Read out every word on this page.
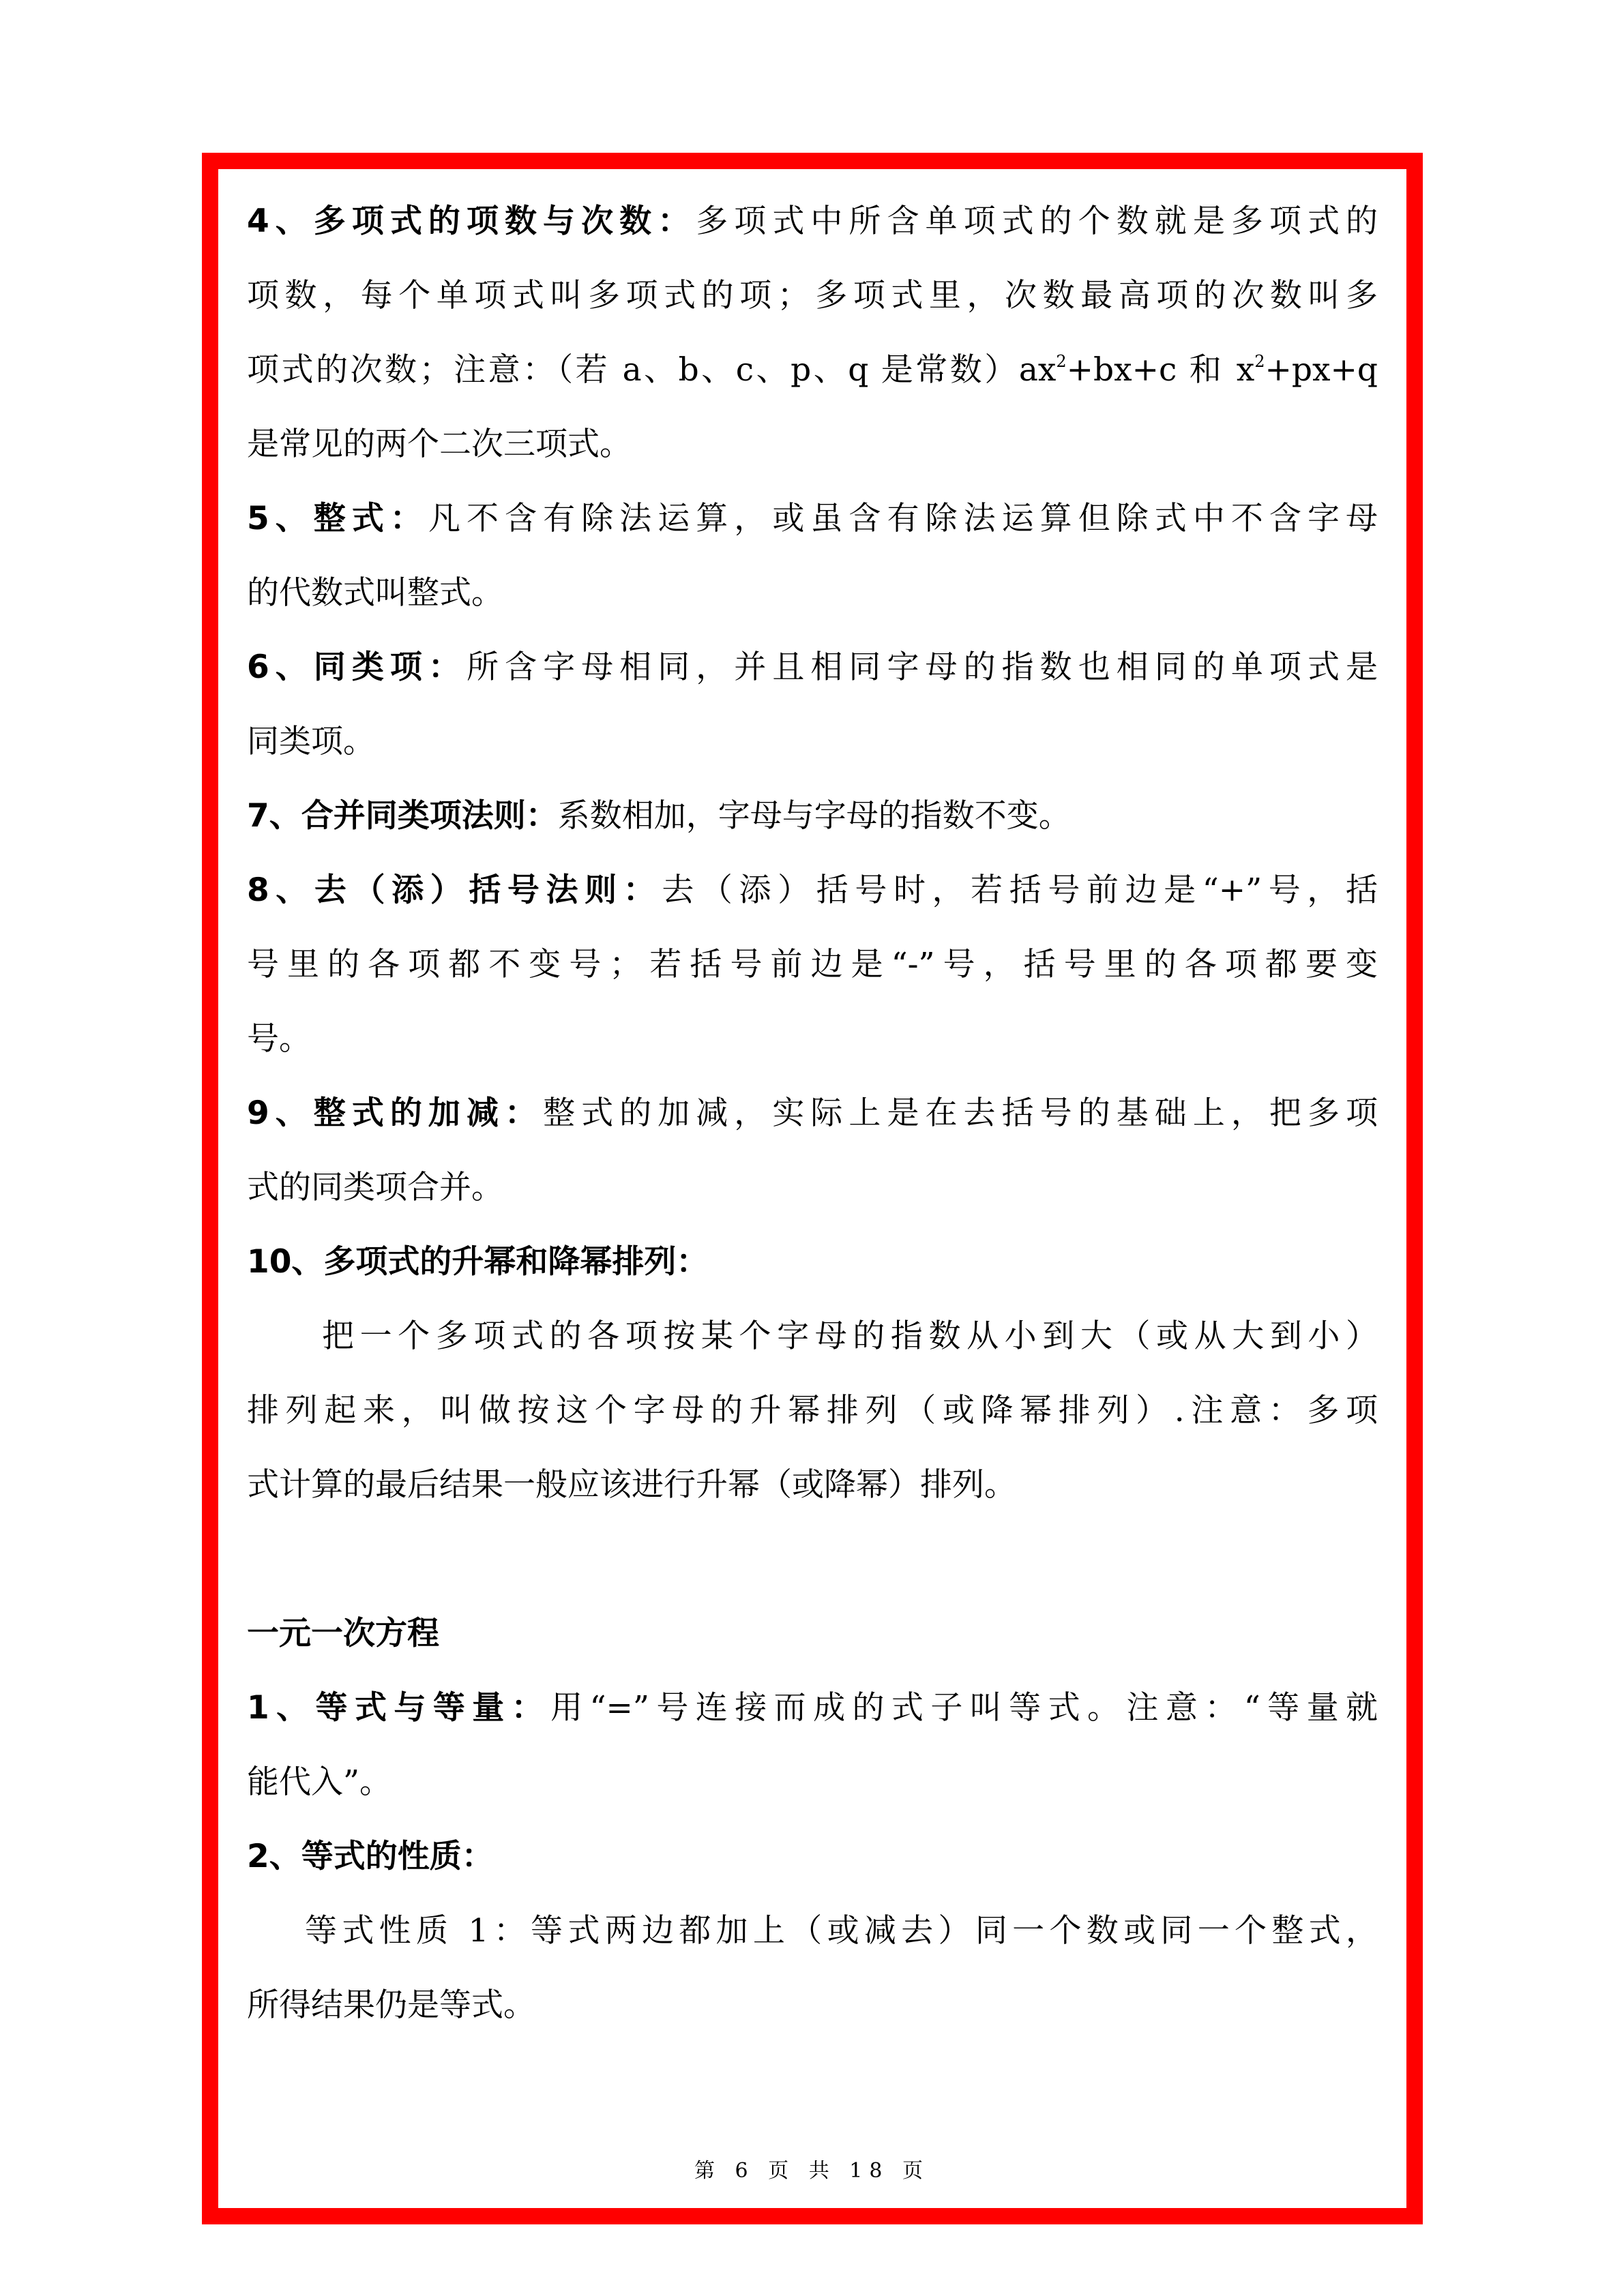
4、多项式的项数与次数：多项式中所含单项式的个数就是多项式的
项数，每个单项式叫多项式的项；多项式里，次数最高项的次数叫多
项式的次数；注意：（若 a、b、c、p、q 是常数）$ax^2+bx+c$ 和 $x^2+px+q$
是常见的两个二次三项式。
5、整式：凡不含有除法运算，或虽含有除法运算但除式中不含字母
的代数式叫整式。
6、同类项：所含字母相同，并且相同字母的指数也相同的单项式是
同类项。
7、合并同类项法则：系数相加，字母与字母的指数不变。
8、去（添）括号法则：去（添）括号时，若括号前边是“+”号，括
号里的各项都不变号；若括号前边是“-”号，括号里的各项都要变
号。
9、整式的加减：整式的加减，实际上是在去括号的基础上，把多项
式的同类项合并。
10、多项式的升幂和降幂排列：
把一个多项式的各项按某个字母的指数从小到大（或从大到小）
排列起来，叫做按这个字母的升幂排列（或降幂排列）.注意：多项
式计算的最后结果一般应该进行升幂（或降幂）排列。
一元一次方程
1、等式与等量：用“=”号连接而成的式子叫等式。注意：“等量就
能代入”。
2、等式的性质：
等式性质 1：等式两边都加上（或减去）同一个数或同一个整式，
所得结果仍是等式。
第 6 页 共 18 页
